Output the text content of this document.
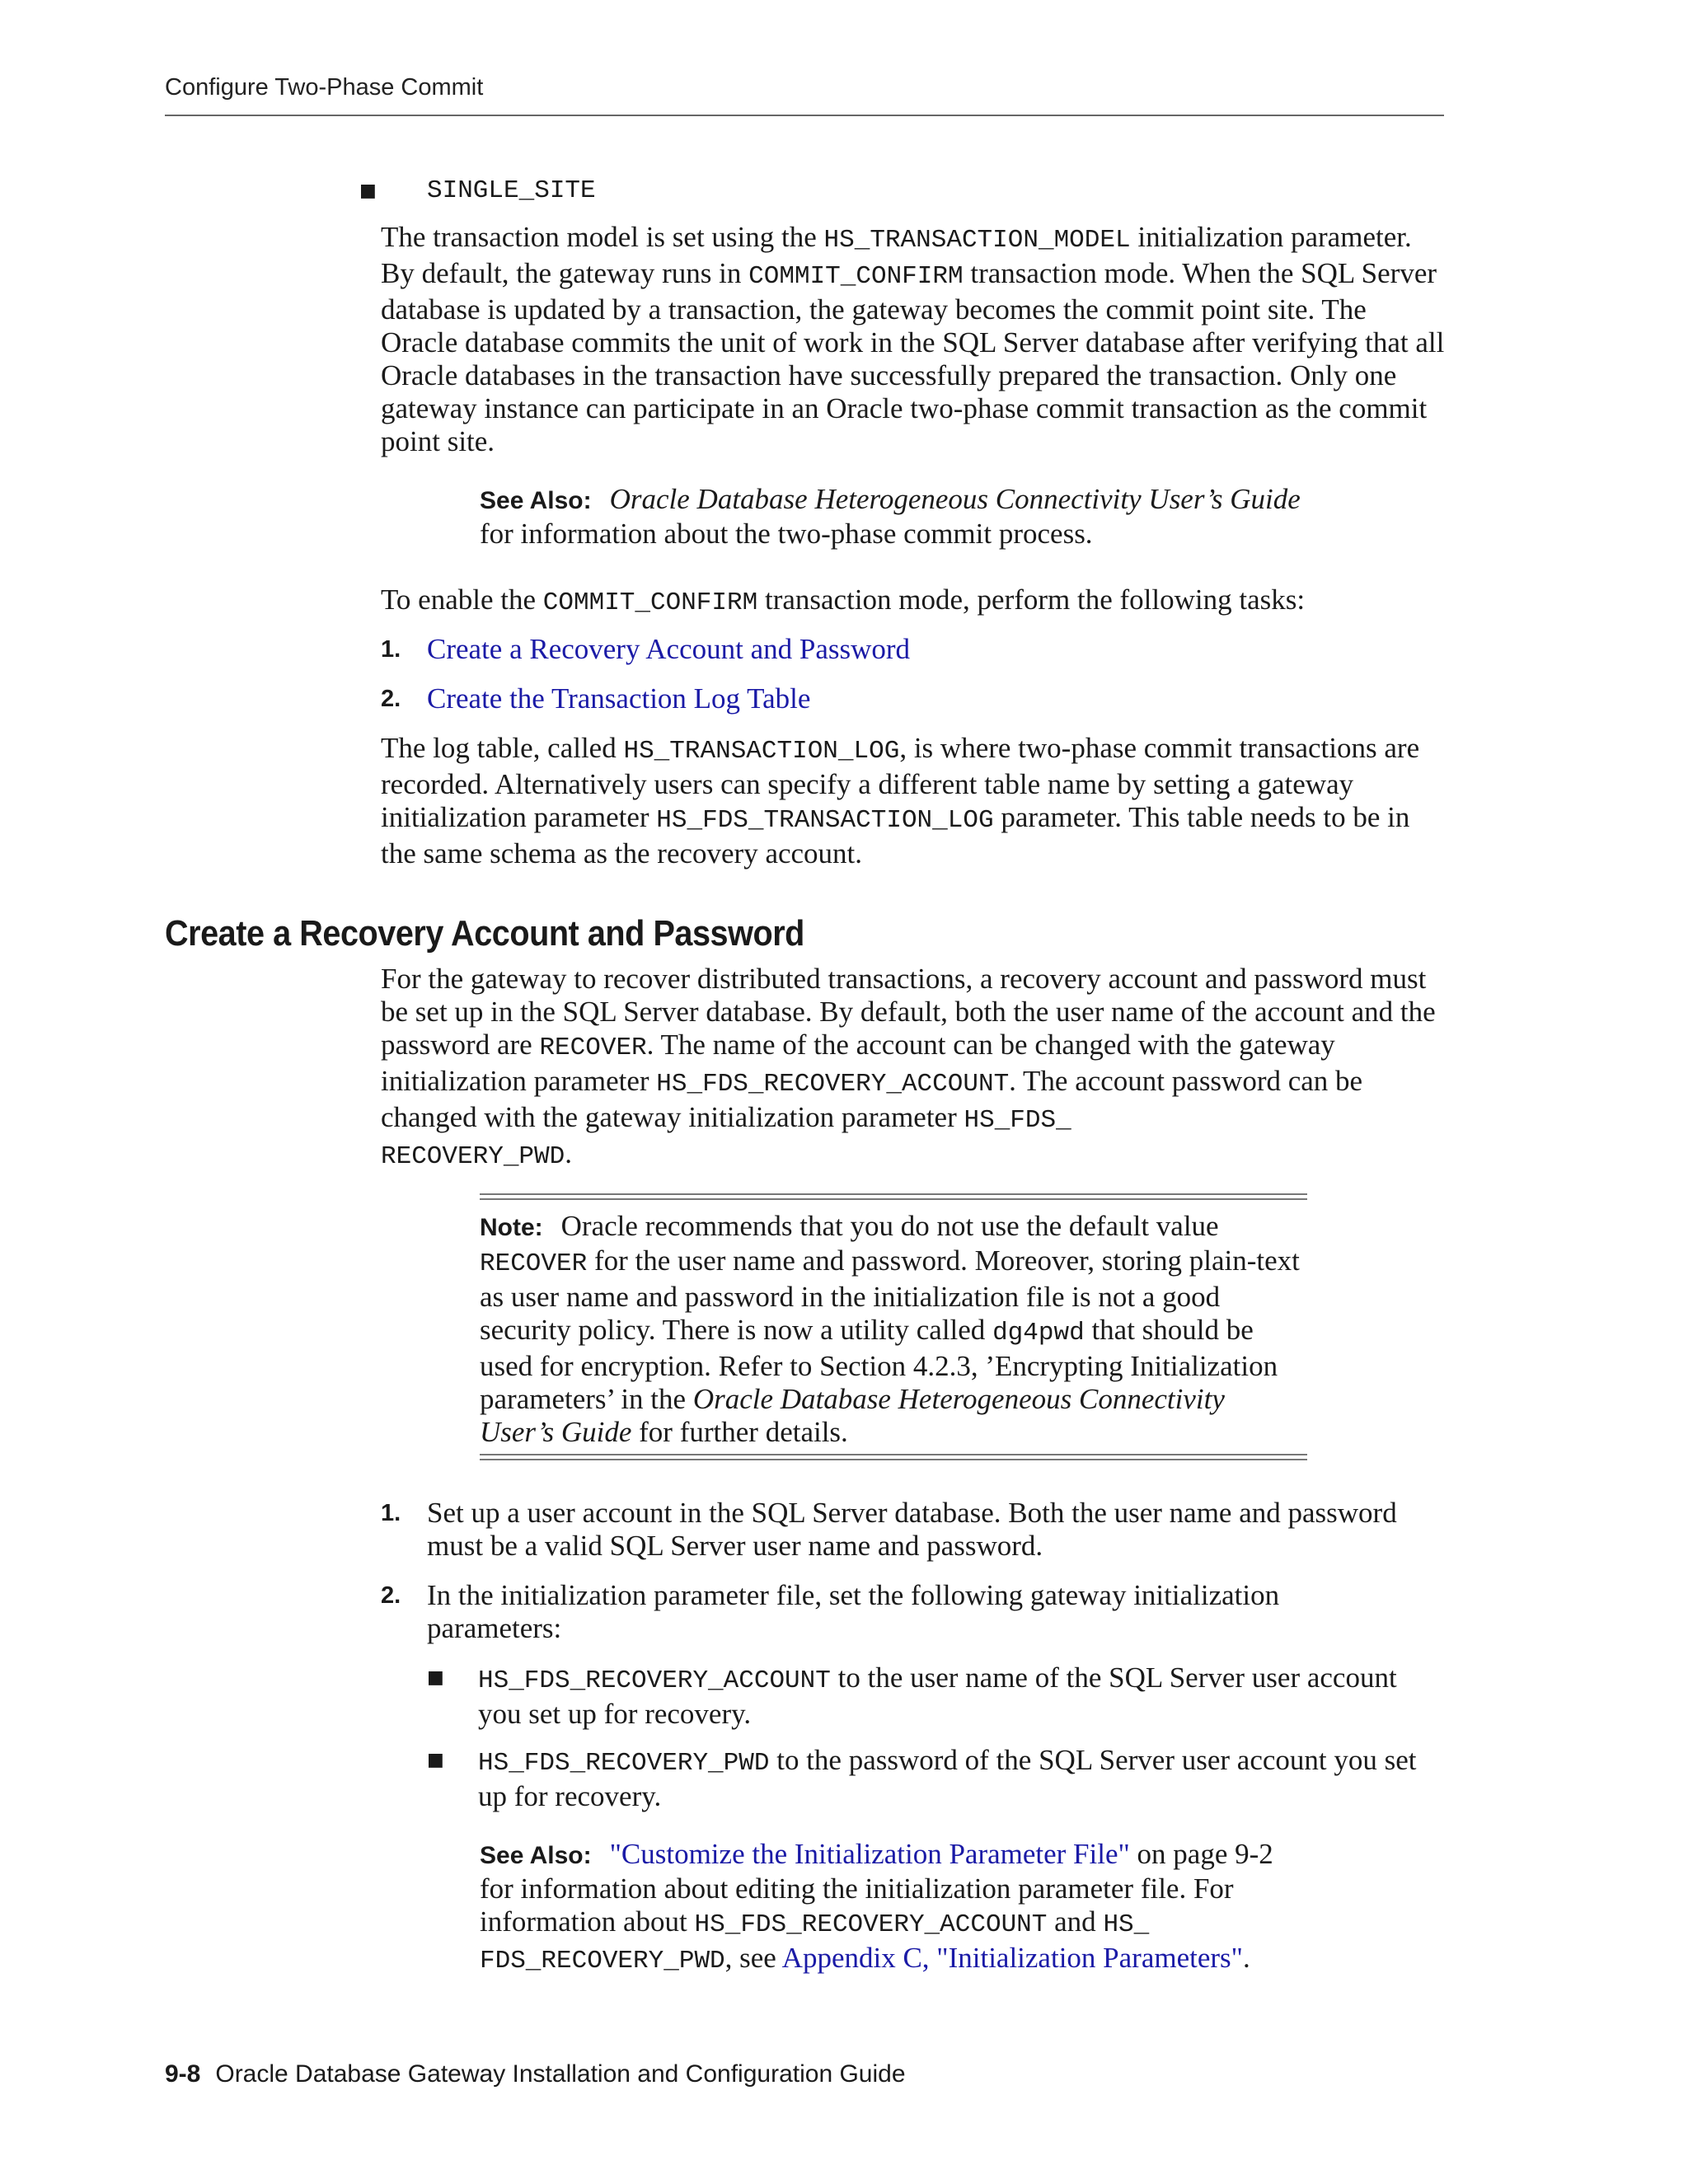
Configure Two-Phase Commit
■ SINGLE_SITE

The transaction model is set using the HS_TRANSACTION_MODEL initialization parameter. By default, the gateway runs in COMMIT_CONFIRM transaction mode. When the SQL Server database is updated by a transaction, the gateway becomes the commit point site. The Oracle database commits the unit of work in the SQL Server database after verifying that all Oracle databases in the transaction have successfully prepared the transaction. Only one gateway instance can participate in an Oracle two-phase commit transaction as the commit point site.

See Also: Oracle Database Heterogeneous Connectivity User’s Guide for information about the two-phase commit process.

To enable the COMMIT_CONFIRM transaction mode, perform the following tasks:

1. Create a Recovery Account and Password
2. Create the Transaction Log Table

The log table, called HS_TRANSACTION_LOG, is where two-phase commit transactions are recorded. Alternatively users can specify a different table name by setting a gateway initialization parameter HS_FDS_TRANSACTION_LOG parameter. This table needs to be in the same schema as the recovery account.

Create a Recovery Account and Password

For the gateway to recover distributed transactions, a recovery account and password must be set up in the SQL Server database. By default, both the user name of the account and the password are RECOVER. The name of the account can be changed with the gateway initialization parameter HS_FDS_RECOVERY_ACCOUNT. The account password can be changed with the gateway initialization parameter HS_FDS_
RECOVERY_PWD.

Note: Oracle recommends that you do not use the default value RECOVER for the user name and password. Moreover, storing plain-text as user name and password in the initialization file is not a good security policy. There is now a utility called dg4pwd that should be used for encryption. Refer to Section 4.2.3, ’Encrypting Initialization parameters’ in the Oracle Database Heterogeneous Connectivity User’s Guide for further details.

1. Set up a user account in the SQL Server database. Both the user name and password must be a valid SQL Server user name and password.

2. In the initialization parameter file, set the following gateway initialization parameters:

■ HS_FDS_RECOVERY_ACCOUNT to the user name of the SQL Server user account you set up for recovery.

■ HS_FDS_RECOVERY_PWD to the password of the SQL Server user account you set up for recovery.

See Also: "Customize the Initialization Parameter File" on page 9-2 for information about editing the initialization parameter file. For information about HS_FDS_RECOVERY_ACCOUNT and HS_
FDS_RECOVERY_PWD, see Appendix C, "Initialization Parameters".

9-8 Oracle Database Gateway Installation and Configuration Guide
